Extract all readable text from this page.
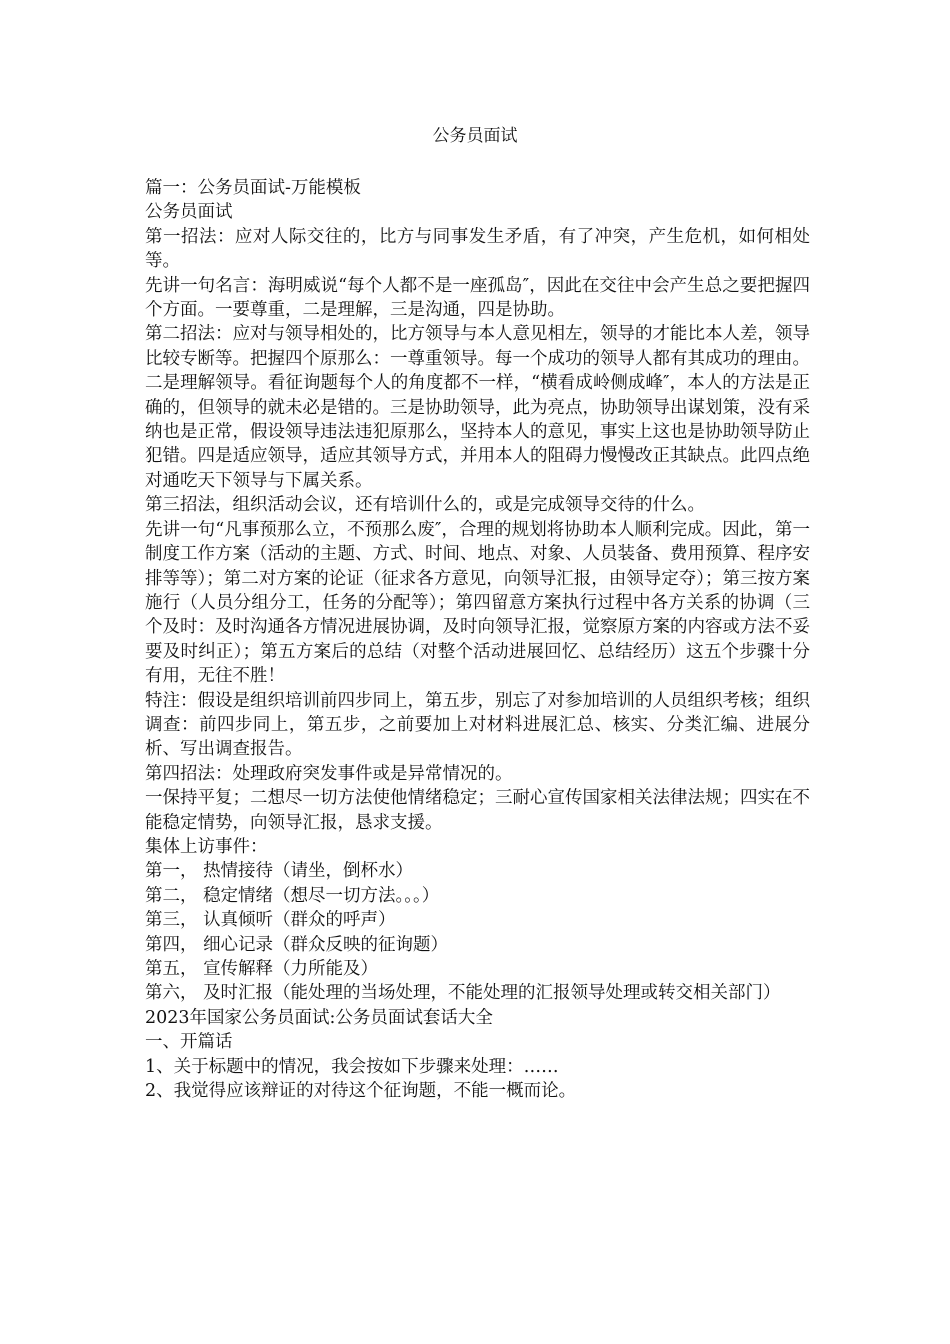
公务员面试

篇一：公务员面试-万能模板

公务员面试

第一招法：应对人际交往的，比方与同事发生矛盾，有了冲突，产生危机，如何相处等。

先讲一句名言：海明威说“每个人都不是一座孤岛″，因此在交往中会产生总之要把握四个方面。一要尊重，二是理解，三是沟通，四是协助。

第二招法：应对与领导相处的，比方领导与本人意见相左，领导的才能比本人差，领导比较专断等。把握四个原那么：一尊重领导。每一个成功的领导人都有其成功的理由。二是理解领导。看征询题每个人的角度都不一样，“横看成岭侧成峰″，本人的方法是正确的，但领导的就未必是错的。三是协助领导，此为亮点，协助领导出谋划策，没有采纳也是正常，假设领导违法违犯原那么，坚持本人的意见，事实上这也是协助领导防止犯错。四是适应领导，适应其领导方式，并用本人的阻碍力慢慢改正其缺点。此四点绝对通吃天下领导与下属关系。

第三招法，组织活动会议，还有培训什么的，或是完成领导交待的什么。

先讲一句“凡事预那么立，不预那么废″，合理的规划将协助本人顺利完成。因此，第一制度工作方案（活动的主题、方式、时间、地点、对象、人员装备、费用预算、程序安排等等）；第二对方案的论证（征求各方意见，向领导汇报，由领导定夺）；第三按方案施行（人员分组分工，任务的分配等）；第四留意方案执行过程中各方关系的协调（三个及时：及时沟通各方情况进展协调，及时向领导汇报，觉察原方案的内容或方法不妥要及时纠正）；第五方案后的总结（对整个活动进展回忆、总结经历）这五个步骤十分有用，无往不胜！

特注：假设是组织培训前四步同上，第五步，别忘了对参加培训的人员组织考核；组织调查：前四步同上，第五步，之前要加上对材料进展汇总、核实、分类汇编、进展分析、写出调查报告。

第四招法：处理政府突发事件或是异常情况的。

一保持平复；二想尽一切方法使他情绪稳定；三耐心宣传国家相关法律法规；四实在不能稳定情势，向领导汇报，恳求支援。

集体上访事件：

第一， 热情接待（请坐，倒杯水）

第二， 稳定情绪（想尽一切方法。。。）

第三， 认真倾听（群众的呼声）

第四， 细心记录（群众反映的征询题）

第五， 宣传解释（力所能及）

第六， 及时汇报（能处理的当场处理，不能处理的汇报领导处理或转交相关部门）

2023年国家公务员面试:公务员面试套话大全

一、开篇话

1、关于标题中的情况，我会按如下步骤来处理：……

2、我觉得应该辩证的对待这个征询题，不能一概而论。
